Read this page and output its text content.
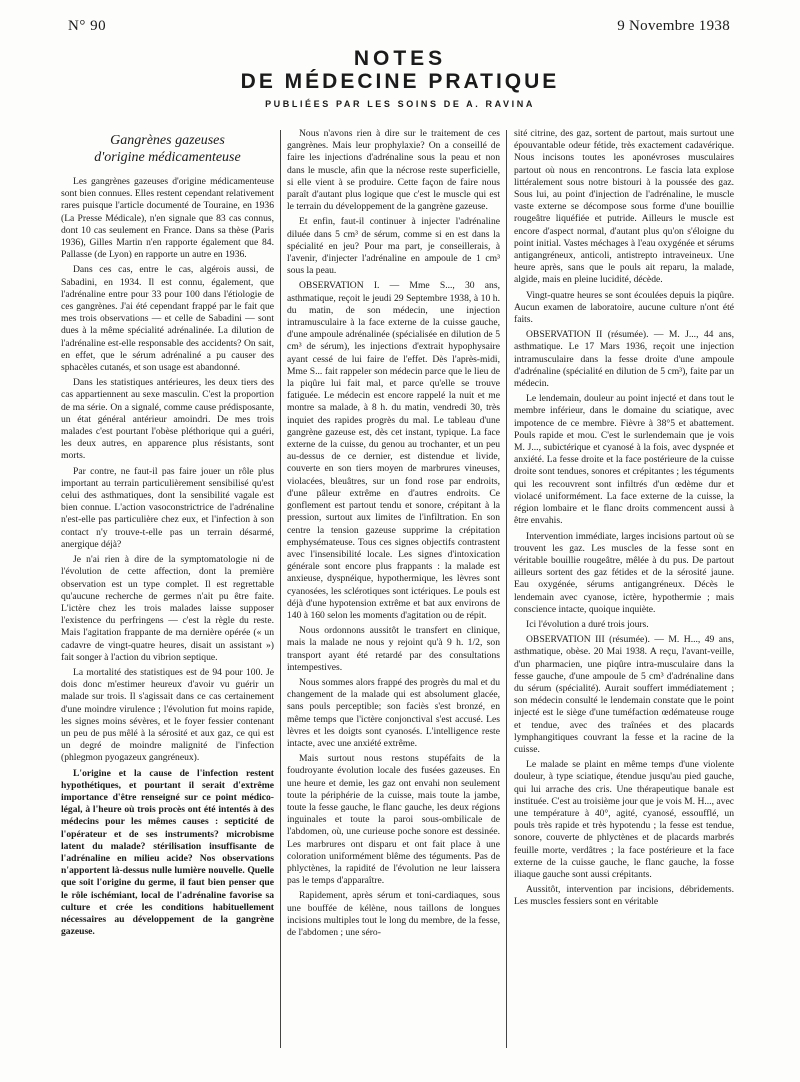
N° 90	9 Novembre 1938
NOTES
DE MÉDECINE PRATIQUE
PUBLIÉES PAR LES SOINS DE A. RAVINA
Gangrènes gazeuses
d'origine médicamenteuse

Les gangrènes gazeuses d'origine médicamenteuse sont bien connues. Elles restent cependant relativement rares puisque l'article documenté de Touraine, en 1936 (La Presse Médicale), n'en signale que 83 cas connus, dont 10 cas seulement en France. Dans sa thèse (Paris 1936), Gilles Martin n'en rapporte également que 84. Pallasse (de Lyon) en rapporte un autre en 1936.

Dans ces cas, entre le cas, algérois aussi, de Sabadini, en 1934. Il est connu, également, que l'adrénaline entre pour 33 pour 100 dans l'étiologie de ces gangrènes. J'ai été cependant frappé par le fait que mes trois observations — et celle de Sabadini — sont dues à la même spécialité adrénalinée. La dilution de l'adrénaline est-elle responsable des accidents? On sait, en effet, que le sérum adrénaliné a pu causer des sphacèles cutanés, et son usage est abandonné.

Dans les statistiques antérieures, les deux tiers des cas appartiennent au sexe masculin. C'est la proportion de ma série. On a signalé, comme cause prédisposante, un état général antérieur amoindri. De mes trois malades c'est pourtant l'obèse pléthorique qui a guéri, les deux autres, en apparence plus résistants, sont morts.

Par contre, ne faut-il pas faire jouer un rôle plus important au terrain particulièrement sensibilisé qu'est celui des asthmatiques, dont la sensibilité vagale est bien connue. L'action vasoconstrictrice de l'adrénaline n'est-elle pas particulière chez eux, et l'infection à son contact n'y trouve-t-elle pas un terrain désarmé, anergique déjà?

Je n'ai rien à dire de la symptomatologie ni de l'évolution de cette affection, dont la première observation est un type complet. Il est regrettable qu'aucune recherche de germes n'ait pu être faite. L'ictère chez les trois malades laisse supposer l'existence du perfringens — c'est la règle du reste. Mais l'agitation frappante de ma dernière opérée (« un cadavre de vingt-quatre heures, disait un assistant ») fait songer à l'action du vibrion septique.

La mortalité des statistiques est de 94 pour 100. Je dois donc m'estimer heureux d'avoir vu guérir un malade sur trois. Il s'agissait dans ce cas certainement d'une moindre virulence ; l'évolution fut moins rapide, les signes moins sévères, et le foyer fessier contenant un peu de pus mêlé à la sérosité et aux gaz, ce qui est un degré de moindre malignité de l'infection (phlegmon pyogazeux gangréneux).

L'origine et la cause de l'infection restent hypothétiques, et pourtant il serait d'extrême importance d'être renseigné sur ce point médico-légal, à l'heure où trois procès ont été intentés à des médecins pour les mêmes causes : septicité de l'opérateur et de ses instruments? microbisme latent du malade? stérilisation insuffisante de l'adrénaline en milieu acide? Nos observations n'apportent là-dessus nulle lumière nouvelle. Quelle que soit l'origine du germe, il faut bien penser que le rôle ischémiant, local de l'adrénaline favorise sa culture et crée les conditions habituellement nécessaires au développement de la gangrène gazeuse.

Nous n'avons rien à dire sur le traitement de ces gangrènes. Mais leur prophylaxie? On a conseillé de faire les injections d'adrénaline sous la peau et non dans le muscle, afin que la nécrose reste superficielle, si elle vient à se produire. Cette façon de faire nous paraît d'autant plus logique que c'est le muscle qui est le terrain du développement de la gangrène gazeuse.

Et enfin, faut-il continuer à injecter l'adrénaline diluée dans 5 cm³ de sérum, comme si en est dans la spécialité en jeu? Pour ma part, je conseillerais, à l'avenir, d'injecter l'adrénaline en ampoule de 1 cm³ sous la peau.

OBSERVATION I. — Mme S..., 30 ans, asthmatique, reçoit le jeudi 29 Septembre 1938, à 10 h. du matin, de son médecin, une injection intramusculaire à la face externe de la cuisse gauche, d'une ampoule adrénalinée (spécialisée en dilution de 5 cm³ de sérum), les injections d'extrait hypophysaire ayant cessé de lui faire de l'effet. Dès l'après-midi, Mme S... fait rappeler son médecin parce que le lieu de la piqûre lui fait mal, et parce qu'elle se trouve fatiguée. Le médecin est encore rappelé la nuit et me montre sa malade, à 8 h. du matin, vendredi 30, très inquiet des rapides progrès du mal. Le tableau d'une gangrène gazeuse est, dès cet instant, typique. La face externe de la cuisse, du genou au trochanter, et un peu au-dessus de ce dernier, est distendue et livide, couverte en son tiers moyen de marbrures vineuses, violacées, bleuâtres, sur un fond rose par endroits, d'une pâleur extrême en d'autres endroits. Ce gonflement est partout tendu et sonore, crépitant à la pression, surtout aux limites de l'infiltration. En son centre la tension gazeuse supprime la crépitation emphysémateuse. Tous ces signes objectifs contrastent avec l'insensibilité locale. Les signes d'intoxication générale sont encore plus frappants : la malade est anxieuse, dyspnéique, hypothermique, les lèvres sont cyanosées, les sclérotiques sont ictériques. Le pouls est déjà d'une hypotension extrême et bat aux environs de 140 à 160 selon les moments d'agitation ou de répit.

Nous ordonnons aussitôt le transfert en clinique, mais la malade ne nous y rejoint qu'à 9 h. 1/2, son transport ayant été retardé par des consultations intempestives.

Nous sommes alors frappé des progrès du mal et du changement de la malade qui est absolument glacée, sans pouls perceptible; son faciès s'est bronzé, en même temps que l'ictère conjonctival s'est accusé. Les lèvres et les doigts sont cyanosés. L'intelligence reste intacte, avec une anxiété extrême.

Mais surtout nous restons stupéfaits de la foudroyante évolution locale des fusées gazeuses. En une heure et demie, les gaz ont envahi non seulement toute la périphérie de la cuisse, mais toute la jambe, toute la fesse gauche, le flanc gauche, les deux régions inguinales et toute la paroi sous-ombilicale de l'abdomen, où, une curieuse poche sonore est dessinée. Les marbrures ont disparu et ont fait place à une coloration uniformément blême des téguments. Pas de phlyctènes, la rapidité de l'évolution ne leur laissera pas le temps d'apparaître.

Rapidement, après sérum et toni-cardiaques, sous une bouffée de kélène, nous taillons de longues incisions multiples tout le long du membre, de la fesse, de l'abdomen ; une séro-

sité citrine, des gaz, sortent de partout, mais surtout une épouvantable odeur fétide, très exactement cadavérique. Nous incisons toutes les aponévroses musculaires partout où nous en rencontrons. Le fascia lata explose littéralement sous notre bistouri à la poussée des gaz. Sous lui, au point d'injection de l'adrénaline, le muscle vaste externe se décompose sous forme d'une bouillie rougeâtre liquéfiée et putride. Ailleurs le muscle est encore d'aspect normal, d'autant plus qu'on s'éloigne du point initial. Vastes méchages à l'eau oxygénée et sérums antigangréneux, anticoli, antistrepto intraveineux. Une heure après, sans que le pouls ait reparu, la malade, algide, mais en pleine lucidité, décède.

Vingt-quatre heures se sont écoulées depuis la piqûre. Aucun examen de laboratoire, aucune culture n'ont été faits.

OBSERVATION II (résumée). — M. J..., 44 ans, asthmatique. Le 17 Mars 1936, reçoit une injection intramusculaire dans la fesse droite d'une ampoule d'adrénaline (spécialité en dilution de 5 cm³), faite par un médecin.

Le lendemain, douleur au point injecté et dans tout le membre inférieur, dans le domaine du sciatique, avec impotence de ce membre. Fièvre à 38°5 et abattement. Pouls rapide et mou. C'est le surlendemain que je vois M. J..., subictérique et cyanosé à la fois, avec dyspnée et anxiété. La fesse droite et la face postérieure de la cuisse droite sont tendues, sonores et crépitantes ; les téguments qui les recouvrent sont infiltrés d'un œdème dur et violacé uniformément. La face externe de la cuisse, la région lombaire et le flanc droits commencent aussi à être envahis.

Intervention immédiate, larges incisions partout où se trouvent les gaz. Les muscles de la fesse sont en véritable bouillie rougeâtre, mêlée à du pus. De partout ailleurs sortent des gaz fétides et de la sérosité jaune. Eau oxygénée, sérums antigangréneux. Décès le lendemain avec cyanose, ictère, hypothermie ; mais conscience intacte, quoique inquiète.

Ici l'évolution a duré trois jours.

OBSERVATION III (résumée). — M. H..., 49 ans, asthmatique, obèse. 20 Mai 1938. A reçu, l'avant-veille, d'un pharmacien, une piqûre intra-musculaire dans la fesse gauche, d'une ampoule de 5 cm³ d'adrénaline dans du sérum (spécialité). Aurait souffert immédiatement ; son médecin consulté le lendemain constate que le point injecté est le siège d'une tuméfaction œdémateuse rouge et tendue, avec des traînées et des placards lymphangitiques couvrant la fesse et la racine de la cuisse.

Le malade se plaint en même temps d'une violente douleur, à type sciatique, étendue jusqu'au pied gauche, qui lui arrache des cris. Une thérapeutique banale est instituée. C'est au troisième jour que je vois M. H..., avec une température à 40°, agité, cyanosé, essoufflé, un pouls très rapide et très hypotendu ; la fesse est tendue, sonore, couverte de phlyctènes et de placards marbrés feuille morte, verdâtres ; la face postérieure et la face externe de la cuisse gauche, le flanc gauche, la fosse iliaque gauche sont aussi crépitants.

Aussitôt, intervention par incisions, débridements. Les muscles fessiers sont en véritable
